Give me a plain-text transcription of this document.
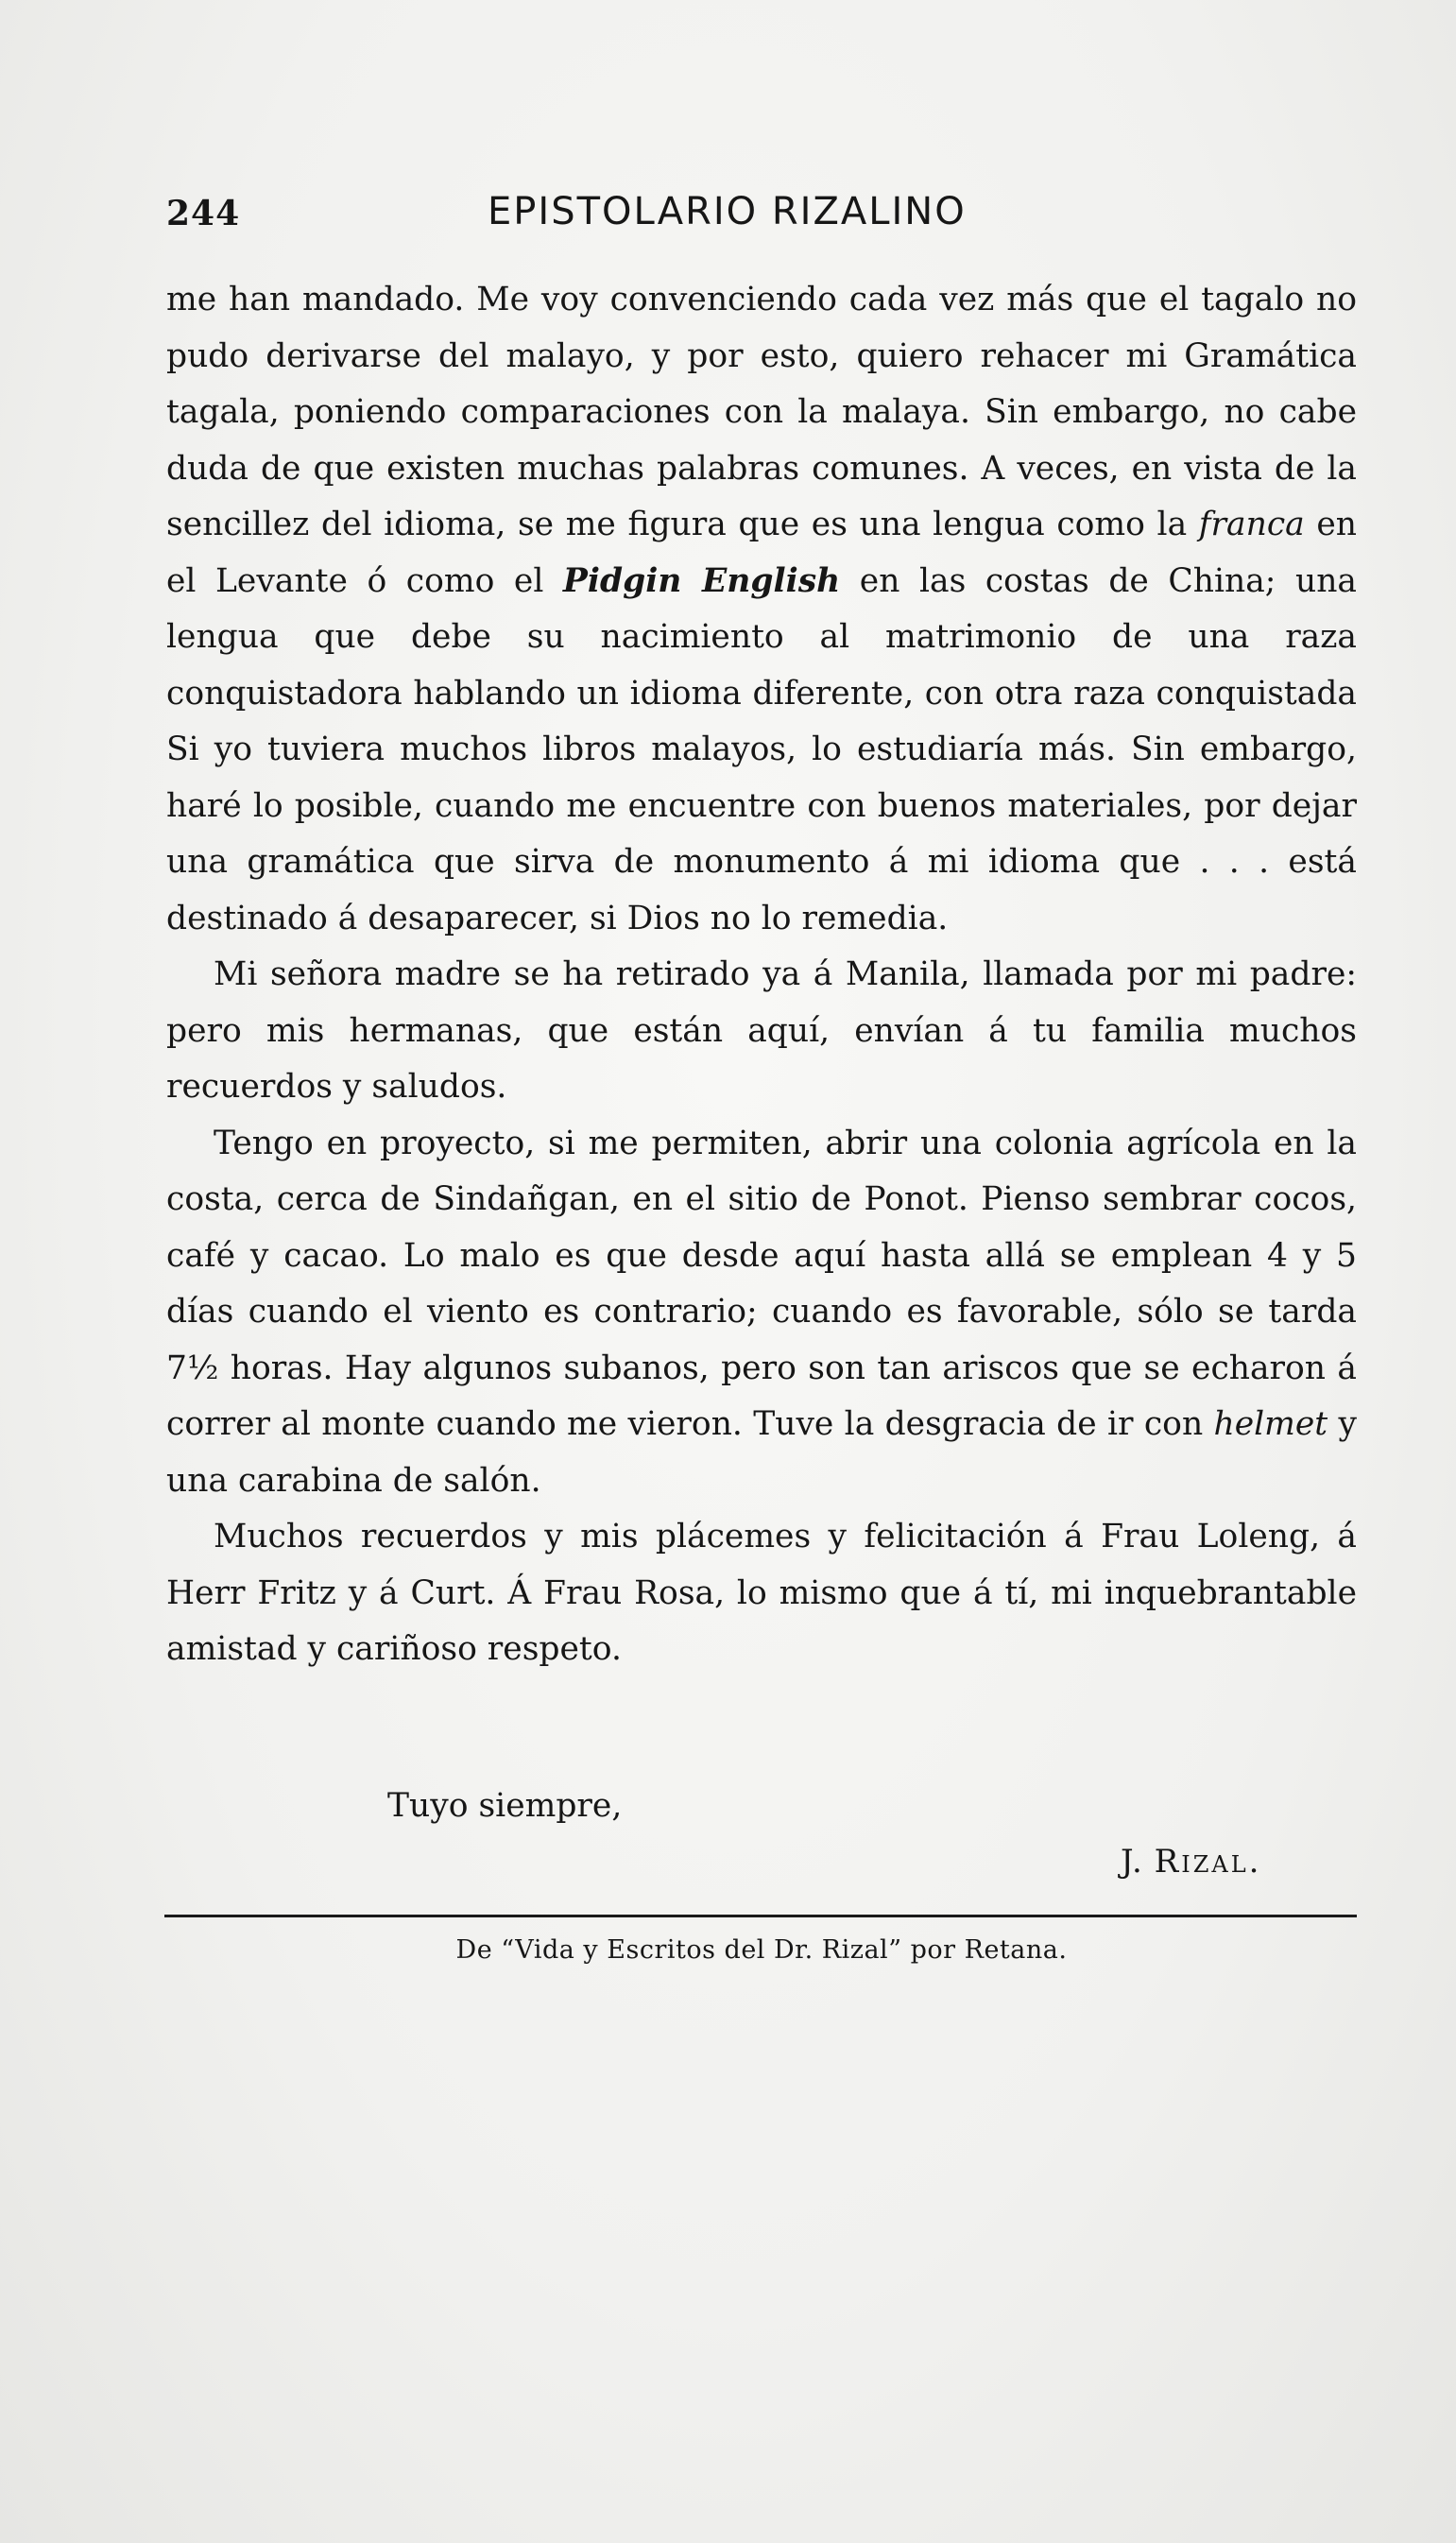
244	EPISTOLARIO RIZALINO

me han mandado. Me voy convenciendo cada vez más que el tagalo no pudo derivarse del malayo, y por esto, quiero rehacer mi Gramática tagala, poniendo comparaciones con la malaya. Sin embargo, no cabe duda de que existen muchas palabras comunes. A veces, en vista de la sencillez del idioma, se me figura que es una lengua como la franca en el Levante ó como el Pidgin English en las costas de China; una lengua que debe su nacimiento al matrimonio de una raza conquistadora hablando un idioma diferente, con otra raza conquistada Si yo tuviera muchos libros malayos, lo estudiaría más. Sin embargo, haré lo posible, cuando me encuentre con buenos materiales, por dejar una gramática que sirva de monumento á mi idioma que . . . está destinado á desaparecer, si Dios no lo remedia.

Mi señora madre se ha retirado ya á Manila, llamada por mi padre: pero mis hermanas, que están aquí, envían á tu familia muchos recuerdos y saludos.

Tengo en proyecto, si me permiten, abrir una colonia agrícola en la costa, cerca de Sindañgan, en el sitio de Ponot. Pienso sembrar cocos, café y cacao. Lo malo es que desde aquí hasta allá se emplean 4 y 5 días cuando el viento es contrario; cuando es favorable, sólo se tarda 7½ horas. Hay algunos subanos, pero son tan ariscos que se echaron á correr al monte cuando me vieron. Tuve la desgracia de ir con helmet y una carabina de salón.

Muchos recuerdos y mis plácemes y felicitación á Frau Loleng, á Herr Fritz y á Curt. Á Frau Rosa, lo mismo que á tí, mi inquebrantable amistad y cariñoso respeto.

Tuyo siempre,
J. Rizal.
De “Vida y Escritos del Dr. Rizal” por Retana.
